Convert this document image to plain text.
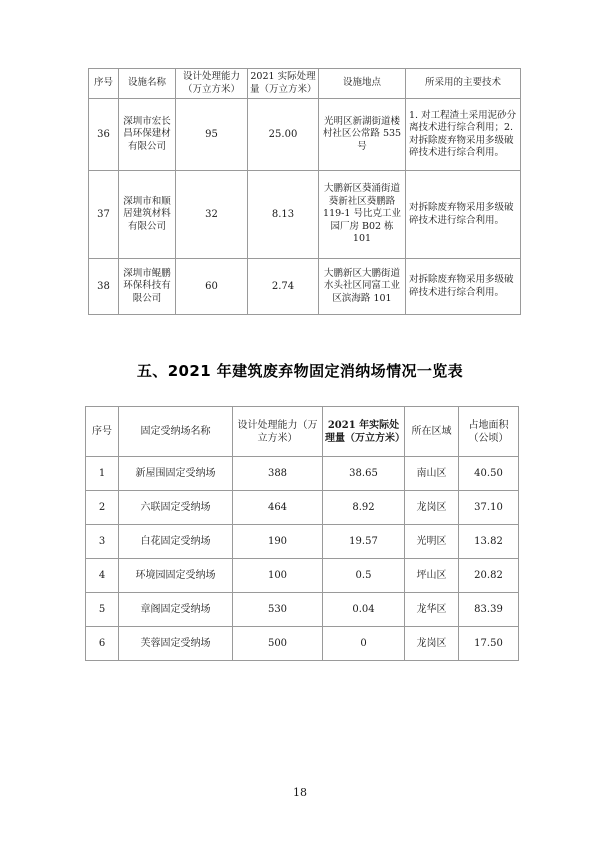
序号	设施名称	设计处理能力（万立方米）	2021 实际处理量（万立方米）	设施地点	所采用的主要技术
36	深圳市宏长昌环保建材有限公司	95	25.00	光明区新湖街道楼村社区公常路 535 号	1. 对工程渣土采用泥砂分离技术进行综合利用；2. 对拆除废弃物采用多级破碎技术进行综合利用。
37	深圳市和顺居建筑材料有限公司	32	8.13	大鹏新区葵涌街道葵新社区葵鹏路 119-1 号比克工业园厂房 B02 栋 101	对拆除废弃物采用多级破碎技术进行综合利用。
38	深圳市鲲鹏环保科技有限公司	60	2.74	大鹏新区大鹏街道水头社区同富工业区滨海路 101	对拆除废弃物采用多级破碎技术进行综合利用。
五、2021 年建筑废弃物固定消纳场情况一览表
序号	固定受纳场名称	设计处理能力（万立方米）	2021 年实际处理量（万立方米）	所在区域	占地面积（公顷）
1	新屋围固定受纳场	388	38.65	南山区	40.50
2	六联固定受纳场	464	8.92	龙岗区	37.10
3	白花固定受纳场	190	19.57	光明区	13.82
4	环境园固定受纳场	100	0.5	坪山区	20.82
5	章阁固定受纳场	530	0.04	龙华区	83.39
6	芙蓉固定受纳场	500	0	龙岗区	17.50
18
